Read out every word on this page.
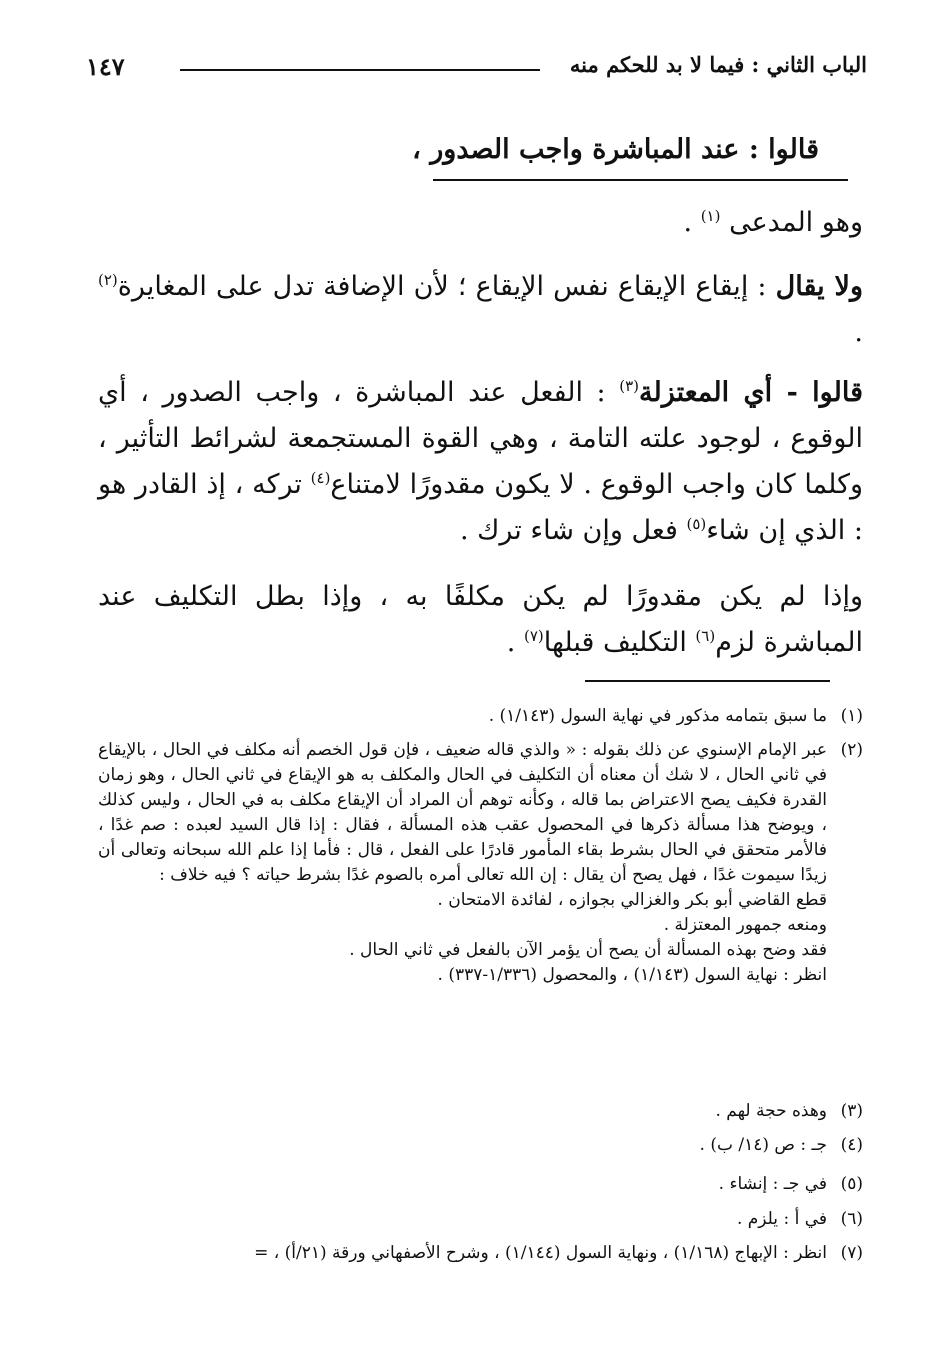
الباب الثاني : فيما لا بد للحكم منه
١٤٧
قالوا : عند المباشرة واجب الصدور ،
وهو المدعى $^{(١)}$ .
ولا يقال : إيقاع الإيقاع نفس الإيقاع ؛ لأن الإضافة تدل على المغايرة$^{(٢)}$ .
قالوا - أي المعتزلة$^{(٣)}$ : الفعل عند المباشرة ، واجب الصدور ، أي الوقوع ، لوجود علته التامة ، وهي القوة المستجمعة لشرائط التأثير ، وكلما كان واجب الوقوع . لا يكون مقدورًا لامتناع$^{(٤)}$ تركه ، إذ القادر هو : الذي إن شاء$^{(٥)}$ فعل وإن شاء ترك .
وإذا لم يكن مقدورًا لم يكن مكلفًا به ، وإذا بطل التكليف عند المباشرة لزم$^{(٦)}$ التكليف قبلها$^{(٧)}$ .
(١)ما سبق بتمامه مذكور في نهاية السول (١/١٤٣) .
(٢)
عبر الإمام الإسنوي عن ذلك بقوله : « والذي قاله ضعيف ، فإن قول الخصم أنه مكلف في الحال ، بالإيقاع في ثاني الحال ، لا شك أن معناه أن التكليف في الحال والمكلف به هو الإيقاع في ثاني الحال ، وهو زمان القدرة فكيف يصح الاعتراض بما قاله ، وكأنه توهم أن المراد أن الإيقاع مكلف به في الحال ، وليس كذلك ، ويوضح هذا مسألة ذكرها في المحصول عقب هذه المسألة ، فقال : إذا قال السيد لعبده : صم غدًا ، فالأمر متحقق في الحال بشرط بقاء المأمور قادرًا على الفعل ، قال : فأما إذا علم الله سبحانه وتعالى أن زيدًا سيموت غدًا ، فهل يصح أن يقال : إن الله تعالى أمره بالصوم غدًا بشرط حياته ؟ فيه خلاف :
قطع القاضي أبو بكر والغزالي بجوازه ، لفائدة الامتحان .
ومنعه جمهور المعتزلة .
فقد وضح بهذه المسألة أن يصح أن يؤمر الآن بالفعل في ثاني الحال .
انظر : نهاية السول (١/١٤٣) ، والمحصول (١/٣٣٦-٣٣٧) .
(٣)وهذه حجة لهم .
(٤)جـ : ص (١٤/ ب) .
(٥)في جـ : إنشاء .
(٦)في أ : يلزم .
(٧)انظر : الإبهاج (١/١٦٨) ، ونهاية السول (١/١٤٤) ، وشرح الأصفهاني ورقة (٢١/أ) ، =
